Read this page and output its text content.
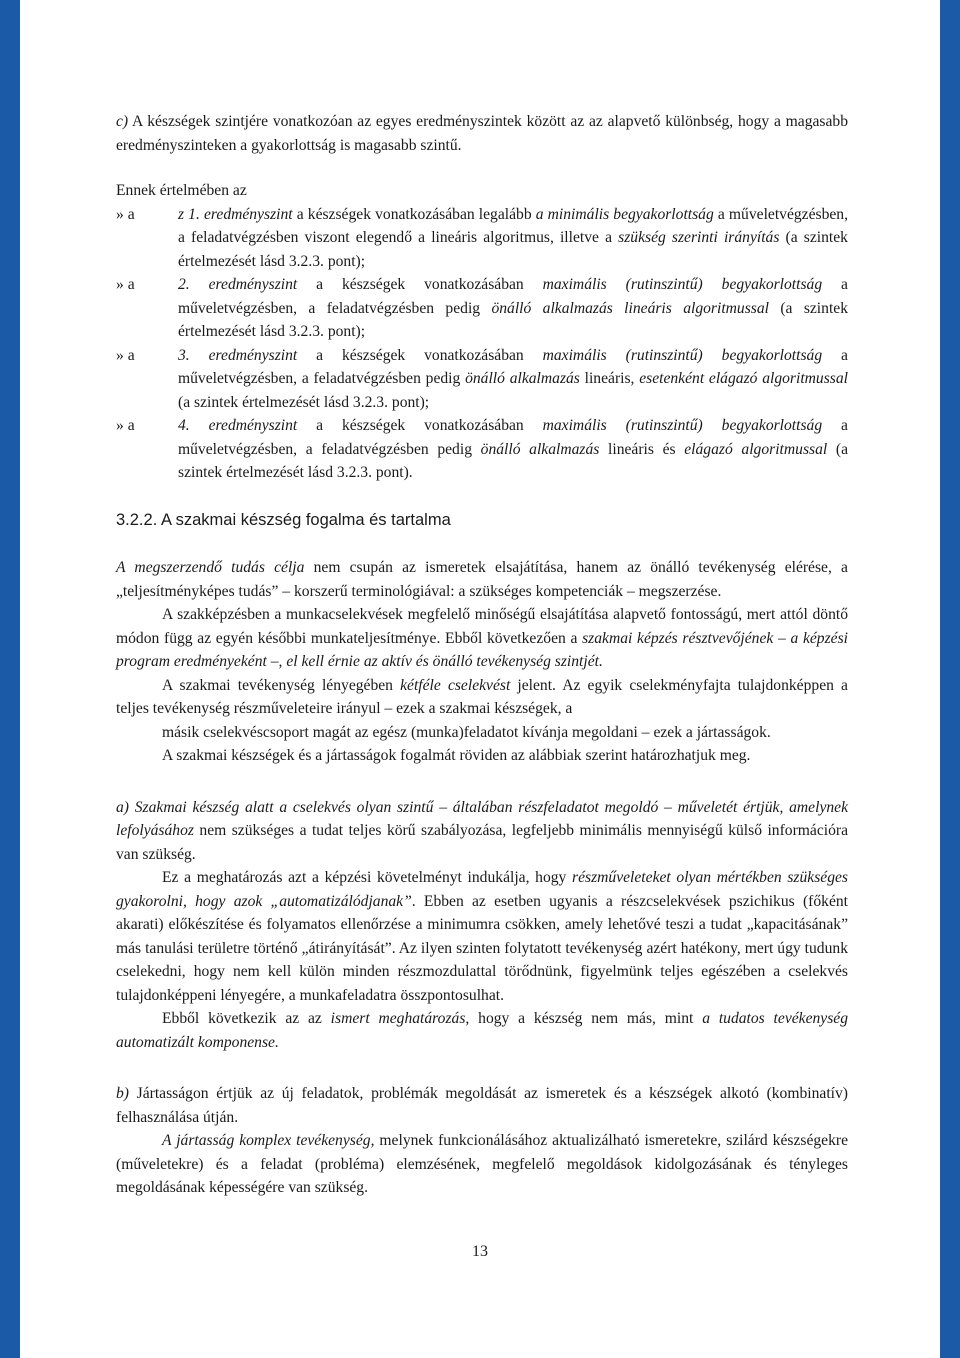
c) A készségek szintjére vonatkozóan az egyes eredményszintek között az az alapvető különbség, hogy a magasabb eredményszinteken a gyakorlottság is magasabb szintű.

Ennek értelmében az

» a	z 1. eredményszint a készségek vonatkozásában legalább a minimális begyakorlottság a műveletvégzésben, a feladatvégzésben viszont elegendő a lineáris algoritmus, illetve a szükség szerinti irányítás (a szintek értelmezését lásd 3.2.3. pont);
» a	2. eredményszint a készségek vonatkozásában maximális (rutinszintű) begyakorlottság a műveletvégzésben, a feladatvégzésben pedig önálló alkalmazás lineáris algoritmussal (a szintek értelmezését lásd 3.2.3. pont);
» a	3. eredményszint a készségek vonatkozásában maximális (rutinszintű) begyakorlottság a műveletvégzésben, a feladatvégzésben pedig önálló alkalmazás lineáris, esetenként elágazó algoritmussal (a szintek értelmezését lásd 3.2.3. pont);
» a	4. eredményszint a készségek vonatkozásában maximális (rutinszintű) begyakorlottság a műveletvégzésben, a feladatvégzésben pedig önálló alkalmazás lineáris és elágazó algoritmussal (a szintek értelmezését lásd 3.2.3. pont).
3.2.2. A szakmai készség fogalma és tartalma

A megszerzendő tudás célja nem csupán az ismeretek elsajátítása, hanem az önálló tevékenység elérése, a „teljesítményképes tudás” – korszerű terminológiával: a szükséges kompetenciák – megszerzése.

A szakképzésben a munkacselekvések megfelelő minőségű elsajátítása alapvető fontosságú, mert attól döntő módon függ az egyén későbbi munkateljesítménye. Ebből következően a szakmai képzés résztvevőjének – a képzési program eredményeként –, el kell érnie az aktív és önálló tevékenység szintjét.

A szakmai tevékenység lényegében kétféle cselekvést jelent. Az egyik cselekményfajta tulajdonképpen a teljes tevékenység részműveleteire irányul – ezek a szakmai készségek, a

másik cselekvéscsoport magát az egész (munka)feladatot kívánja megoldani – ezek a jártasságok.

A szakmai készségek és a jártasságok fogalmát röviden az alábbiak szerint határozhatjuk meg.

a) Szakmai készség alatt a cselekvés olyan szintű – általában részfeladatot megoldó – műveletét értjük, amelynek lefolyásához nem szükséges a tudat teljes körű szabályozása, legfeljebb minimális mennyiségű külső információra van szükség.

Ez a meghatározás azt a képzési követelményt indukálja, hogy részműveleteket olyan mértékben szükséges gyakorolni, hogy azok „automatizálódjanak”. Ebben az esetben ugyanis a részcselekvések pszichikus (főként akarati) előkészítése és folyamatos ellenőrzése a minimumra csökken, amely lehetővé teszi a tudat „kapacitásának” más tanulási területre történő „átirányítását”. Az ilyen szinten folytatott tevékenység azért hatékony, mert úgy tudunk cselekedni, hogy nem kell külön minden részmozdulattal törődnünk, figyelmünk teljes egészében a cselekvés tulajdonképpeni lényegére, a munkafeladatra összpontosulhat.

Ebből következik az az ismert meghatározás, hogy a készség nem más, mint a tudatos tevékenység automatizált komponense.

b) Jártasságon értjük az új feladatok, problémák megoldását az ismeretek és a készségek alkotó (kombinatív) felhasználása útján.

A jártasság komplex tevékenység, melynek funkcionálásához aktualizálható ismeretekre, szilárd készségekre (műveletekre) és a feladat (probléma) elemzésének, megfelelő megoldások kidolgozásának és tényleges megoldásának képességére van szükség.

13
